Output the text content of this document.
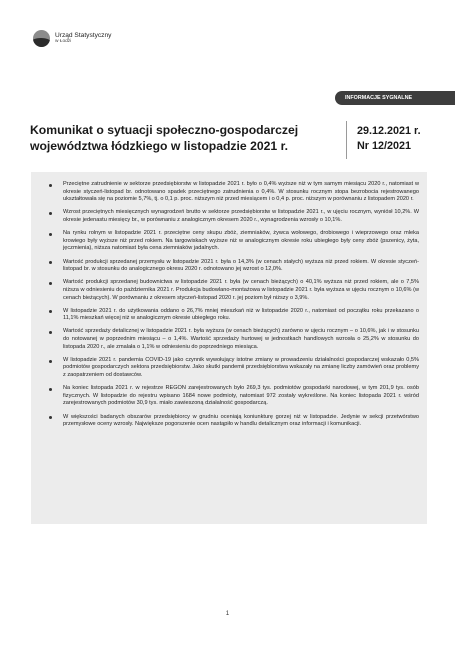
Urząd Statystyczny
w Łodzi
INFORMACJE SYGNALNE
Komunikat o sytuacji społeczno-gospodarczej województwa łódzkiego w listopadzie 2021 r.
29.12.2021 r.
Nr 12/2021
Przeciętne zatrudnienie w sektorze przedsiębiorstw w listopadzie 2021 r. było o 0,4% wyższe niż w tym samym miesiącu 2020 r., natomiast w okresie styczeń-listopad br. odnotowano spadek przeciętnego zatrudnienia o 0,4%. W stosunku rocznym stopa bezrobocia rejestrowanego ukształtowała się na poziomie 5,7%, tj. o 0,1 p. proc. niższym niż przed miesiącem i o 0,4 p. proc. niższym w porównaniu z listopadem 2020 r.
Wzrost przeciętnych miesięcznych wynagrodzeń brutto w sektorze przedsiębiorstw w listopadzie 2021 r., w ujęciu rocznym, wyniósł 10,2%. W okresie jedenastu miesięcy br., w porównaniu z analogicznym okresem 2020 r., wynagrodzenia wzrosły o 10,1%.
Na rynku rolnym w listopadzie 2021 r. przeciętne ceny skupu zbóż, ziemniaków, żywca wołowego, drobiowego i wieprzowego oraz mleka krowiego były wyższe niż przed rokiem. Na targowiskach wyższe niż w analogicznym okresie roku ubiegłego były ceny zbóż (pszenicy, żyta, jęczmienia), niższa natomiast była cena ziemniaków jadalnych.
Wartość produkcji sprzedanej przemysłu w listopadzie 2021 r. była o 14,3% (w cenach stałych) wyższa niż przed rokiem. W okresie styczeń-listopad br. w stosunku do analogicznego okresu 2020 r. odnotowano jej wzrost o 12,0%.
Wartość produkcji sprzedanej budownictwa w listopadzie 2021 r. była (w cenach bieżących) o 40,1% wyższa niż przed rokiem, ale o 7,5% niższa w odniesieniu do października 2021 r. Produkcja budowlano-montażowa w listopadzie 2021 r. była wyższa w ujęciu rocznym o 10,6% (w cenach bieżących). W porównaniu z okresem styczeń-listopad 2020 r. jej poziom był niższy o 3,9%.
W listopadzie 2021 r. do użytkowania oddano o 26,7% mniej mieszkań niż w listopadzie 2020 r., natomiast od początku roku przekazano o 11,1% mieszkań więcej niż w analogicznym okresie ubiegłego roku.
Wartość sprzedaży detalicznej w listopadzie 2021 r. była wyższa (w cenach bieżących) zarówno w ujęciu rocznym – o 10,6%, jak i w stosunku do notowanej w poprzednim miesiącu – o 1,4%. Wartość sprzedaży hurtowej w jednostkach handlowych wzrosła o 25,2% w stosunku do listopada 2020 r., ale zmalała o 1,1% w odniesieniu do poprzedniego miesiąca.
W listopadzie 2021 r. pandemia COVID-19 jako czynnik wywołujący istotne zmiany w prowadzeniu działalności gospodarczej wskazało 0,5% podmiotów gospodarczych sektora przedsiębiorstw. Jako skutki pandemii przedsiębiorstwa wskazały na zmianę liczby zamówień oraz problemy z zaopatrzeniem od dostawców.
Na koniec listopada 2021 r. w rejestrze REGON zarejestrowanych było 269,3 tys. podmiotów gospodarki narodowej, w tym 201,9 tys. osób fizycznych. W listopadzie do rejestru wpisano 1684 nowe podmioty, natomiast 972 zostały wykreślone. Na koniec listopada 2021 r. wśród zarejestrowanych podmiotów 30,9 tys. miało zawieszoną działalność gospodarczą.
W większości badanych obszarów przedsiębiorcy w grudniu oceniają koniunkturę gorzej niż w listopadzie. Jedynie w sekcji przetwórstwo przemysłowe oceny wzrosły. Największe pogorszenie ocen nastąpiło w handlu detalicznym oraz informacji i komunikacji.
1
